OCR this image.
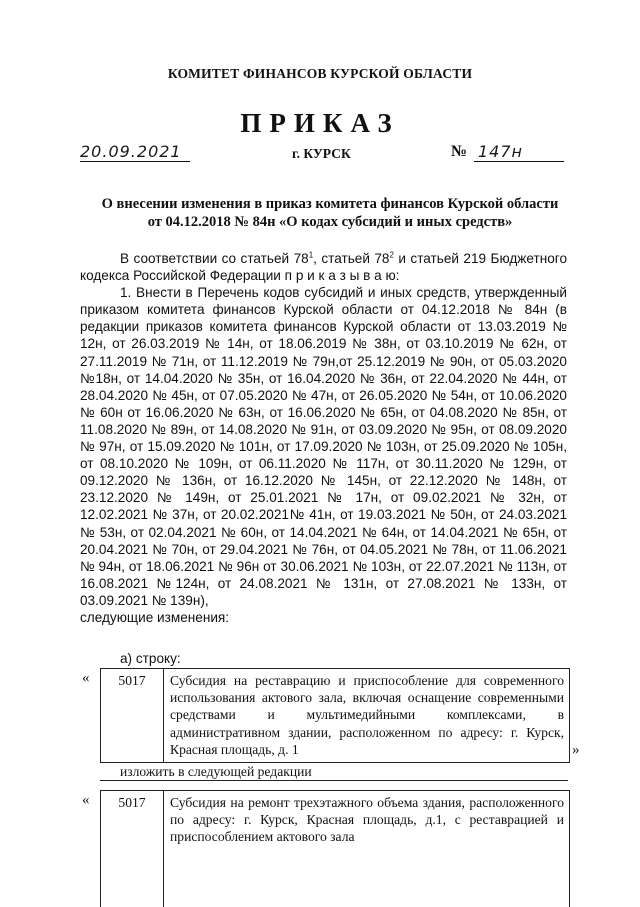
КОМИТЕТ ФИНАНСОВ КУРСКОЙ ОБЛАСТИ
ПРИКАЗ
20.09.2021	г. КУРСК	№ 147н
О внесении изменения в приказ комитета финансов Курской области от 04.12.2018 № 84н «О кодах субсидий и иных средств»

В соответствии со статьей $78^1$, статьей $78^2$ и статьей 219 Бюджетного кодекса Российской Федерации п р и к а з ы в а ю:

1. Внести в Перечень кодов субсидий и иных средств, утвержденный приказом комитета финансов Курской области от 04.12.2018 № 84н (в редакции приказов комитета финансов Курской области от 13.03.2019 № 12н, от 26.03.2019 № 14н, от 18.06.2019 № 38н, от 03.10.2019 № 62н, от 27.11.2019 № 71н, от 11.12.2019 № 79н,от 25.12.2019 № 90н, от 05.03.2020 №18н, от 14.04.2020 № 35н, от 16.04.2020 № 36н, от 22.04.2020 № 44н, от 28.04.2020 № 45н, от 07.05.2020 № 47н, от 26.05.2020 № 54н, от 10.06.2020 № 60н от 16.06.2020 № 63н, от 16.06.2020 № 65н, от 04.08.2020 № 85н, от 11.08.2020 № 89н, от 14.08.2020 № 91н, от 03.09.2020 № 95н, от 08.09.2020 № 97н, от 15.09.2020 № 101н, от 17.09.2020 № 103н, от 25.09.2020 № 105н, от 08.10.2020 № 109н, от 06.11.2020 № 117н, от 30.11.2020 № 129н, от 09.12.2020 № 136н, от 16.12.2020 № 145н, от 22.12.2020 № 148н, от 23.12.2020 № 149н, от 25.01.2021 № 17н, от 09.02.2021 № 32н, от 12.02.2021 № 37н, от 20.02.2021№ 41н, от 19.03.2021 № 50н, от 24.03.2021 № 53н, от 02.04.2021 № 60н, от 14.04.2021 № 64н, от 14.04.2021 № 65н, от 20.04.2021 № 70н, от 29.04.2021 № 76н, от 04.05.2021 № 78н, от 11.06.2021 № 94н, от 18.06.2021 № 96н от 30.06.2021 № 103н, от 22.07.2021 № 113н, от 16.08.2021 №124н, от 24.08.2021 № 131н, от 27.08.2021 № 133н, от 03.09.2021 № 139н),

следующие изменения:

а) строку:
«	5017	Субсидия на реставрацию и приспособление для современного использования актового зала, включая оснащение современными средствами и мультимедийными комплексами, в административном здании, расположенном по адресу: г. Курск, Красная площадь, д. 1	»
изложить в следующей редакции
«	5017	Субсидия на ремонт трехэтажного объема здания, расположенного по адресу: г. Курск, Красная площадь, д.1, с реставрацией и приспособлением актового зала
